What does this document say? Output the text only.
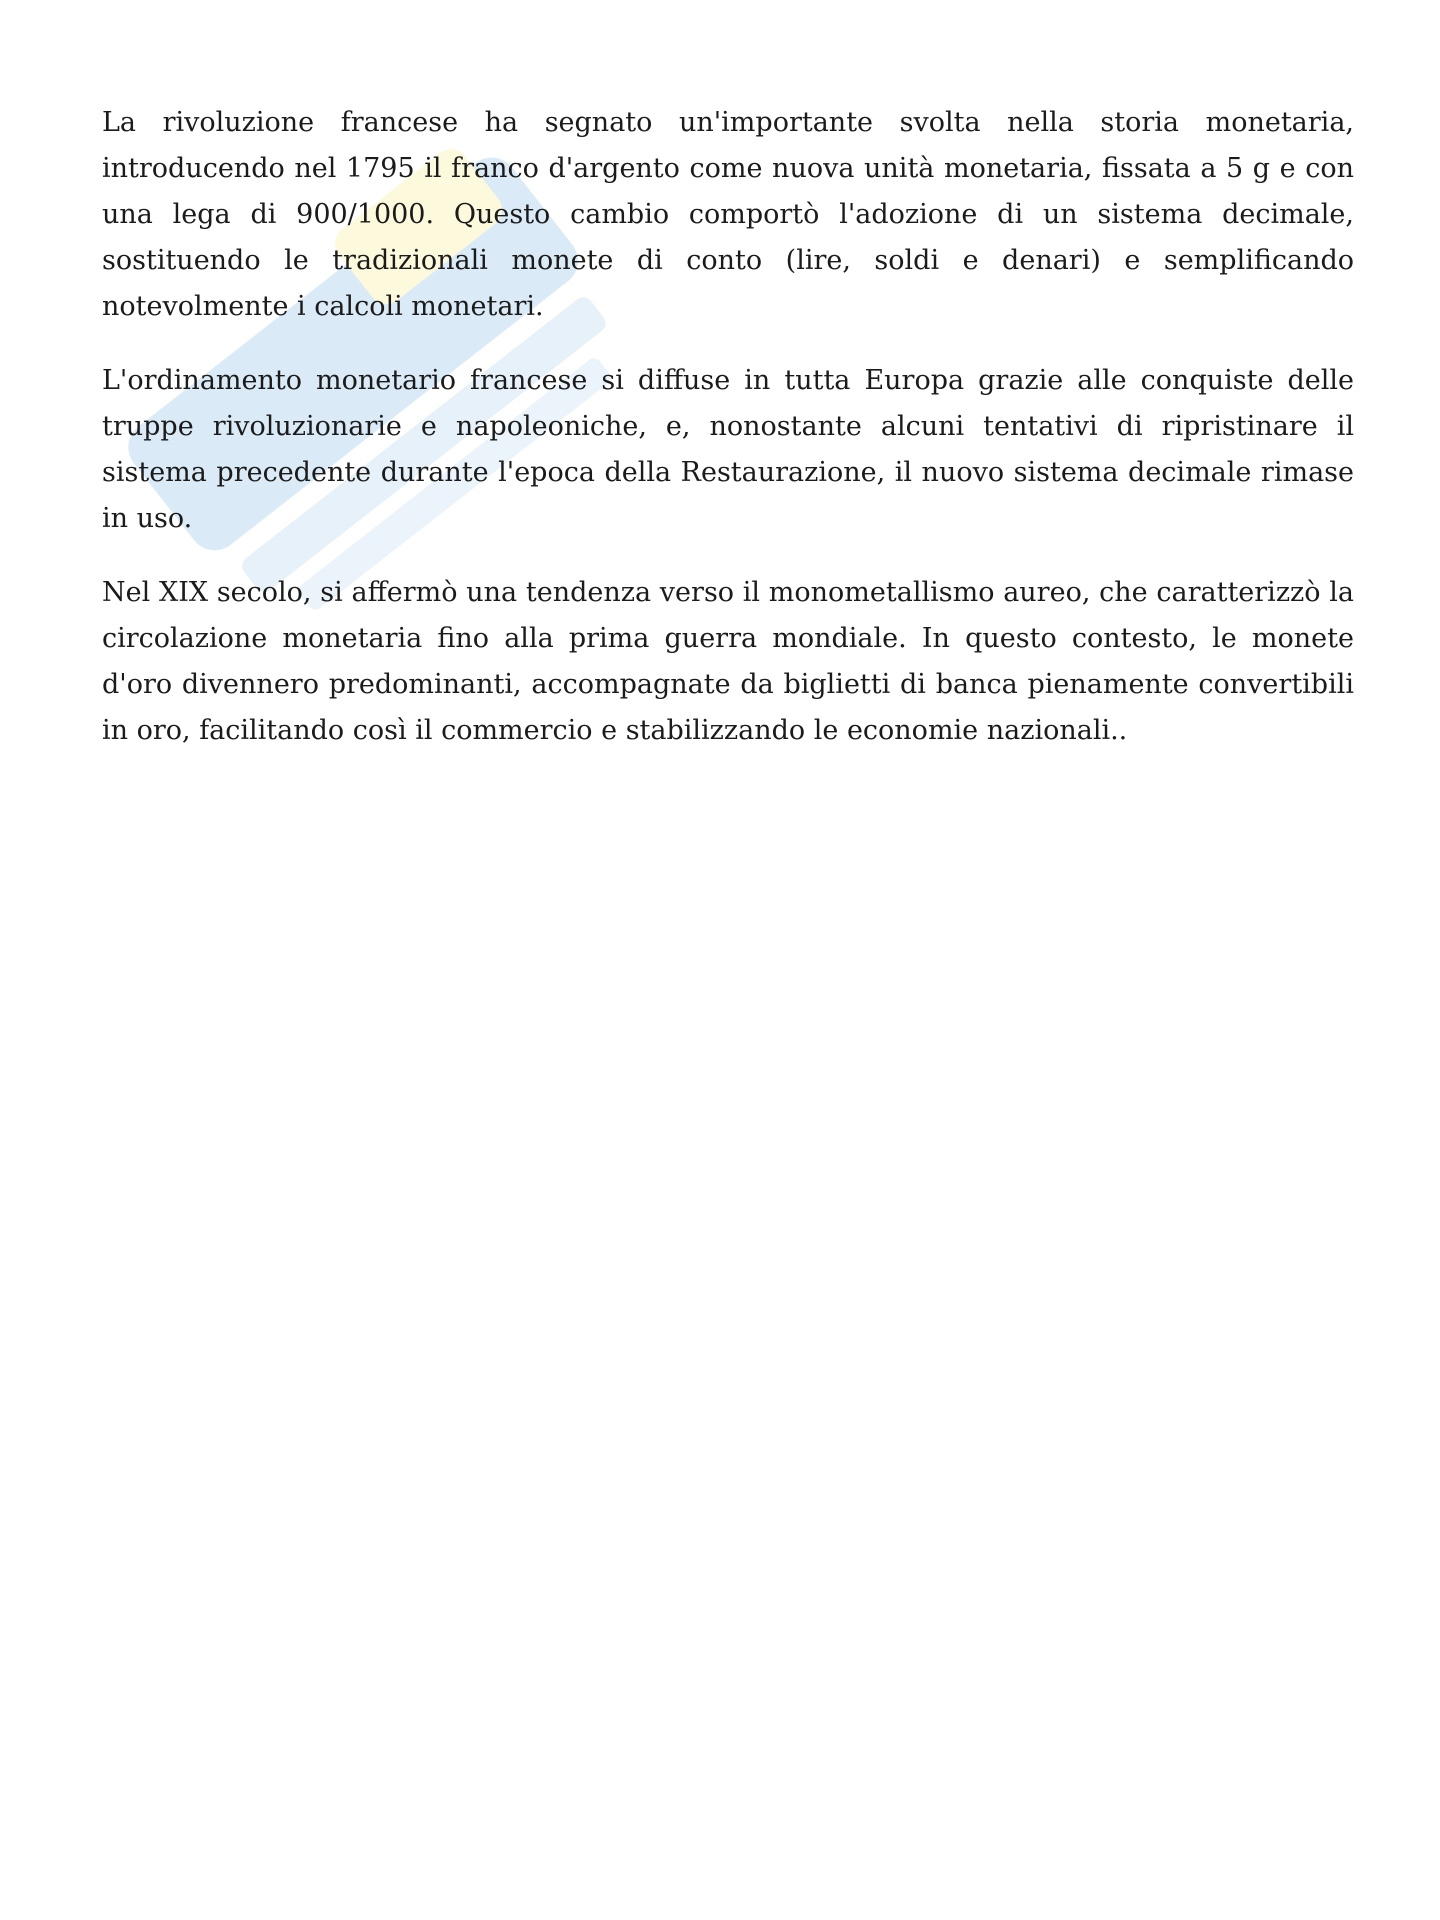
La rivoluzione francese ha segnato un'importante svolta nella storia monetaria, introducendo nel 1795 il franco d'argento come nuova unità monetaria, fissata a 5 g e con una lega di 900/1000. Questo cambio comportò l'adozione di un sistema decimale, sostituendo le tradizionali monete di conto (lire, soldi e denari) e semplificando notevolmente i calcoli monetari.

L'ordinamento monetario francese si diffuse in tutta Europa grazie alle conquiste delle truppe rivoluzionarie e napoleoniche, e, nonostante alcuni tentativi di ripristinare il sistema precedente durante l'epoca della Restaurazione, il nuovo sistema decimale rimase in uso.

Nel XIX secolo, si affermò una tendenza verso il monometallismo aureo, che caratterizzò la circolazione monetaria fino alla prima guerra mondiale. In questo contesto, le monete d'oro divennero predominanti, accompagnate da biglietti di banca pienamente convertibili in oro, facilitando così il commercio e stabilizzando le economie nazionali..
